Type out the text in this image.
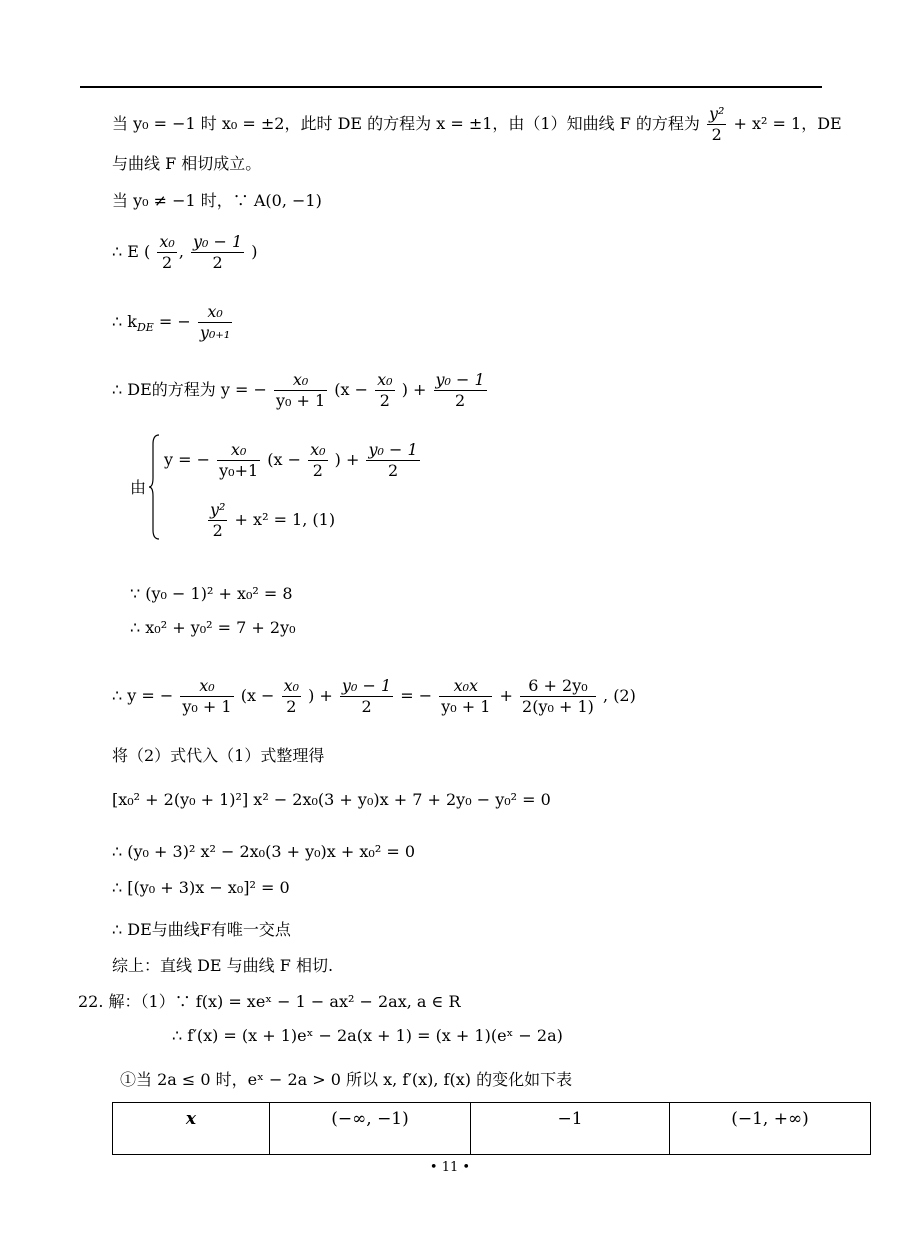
当 y₀ = −1 时 x₀ = ±2，此时 DE 的方程为 x = ±1，由（1）知曲线 F 的方程为 $\frac{\text{y²}}{2} + x^2 = 1$，DE
与曲线 F 相切成立。
当 y₀ ≠ −1 时，∵ A(0, −1)
∴ E ( $\frac{\text{x₀}}{2}$ , $\frac{\text{y₀ − 1}}{2}$ )
∴ $k_{DE}$ = − $\frac{\text{x₀}}{\text{y₀₊₁}}$
∴ DE的方程为 y = − $\frac{\text{x₀}}{\text{y₀ + 1}} (x - \frac{\text{x₀}}{2}$ ) + $\frac{\text{y₀ − 1}}{2}$
由
y = − $\frac{\text{x₀}}{\text{y₀+1}} (x - \frac{\text{x₀}}{2}$ ) + $\frac{\text{y₀ − 1}}{2}$
$\frac{\text{y²}}{2} + x^2 = 1$, (1)
∵ (y₀ − 1)² + x₀² = 8
∴ x₀² + y₀² = 7 + 2y₀
∴ y = − $\frac{\text{x₀}}{\text{y₀ + 1}} (x - \frac{\text{x₀}}{2}$ ) + $\frac{\text{y₀ − 1}}{2}$ = − $\frac{\text{x₀x}}{\text{y₀ + 1}} + \frac{\text{6 + 2y₀}}{\text{2(y₀ + 1)}}$ , (2)
将（2）式代入（1）式整理得
[x₀² + 2(y₀ + 1)²] x² − 2x₀(3 + y₀)x + 7 + 2y₀ − y₀² = 0
∴ (y₀ + 3)² x² − 2x₀(3 + y₀)x + x₀² = 0
∴ [(y₀ + 3)x − x₀]² = 0
∴ DE与曲线F有唯一交点
综上：直线 DE 与曲线 F 相切.
22. 解：（1）∵ f(x) = xeˣ − 1 − ax² − 2ax, a ∈ R
∴ f′(x) = (x + 1)eˣ − 2a(x + 1) = (x + 1)(eˣ − 2a)
①当 2a ≤ 0 时，eˣ − 2a > 0 所以 x, f′(x), f(x) 的变化如下表
x	(−∞, −1)	−1	(−1, +∞)
• 11 •
